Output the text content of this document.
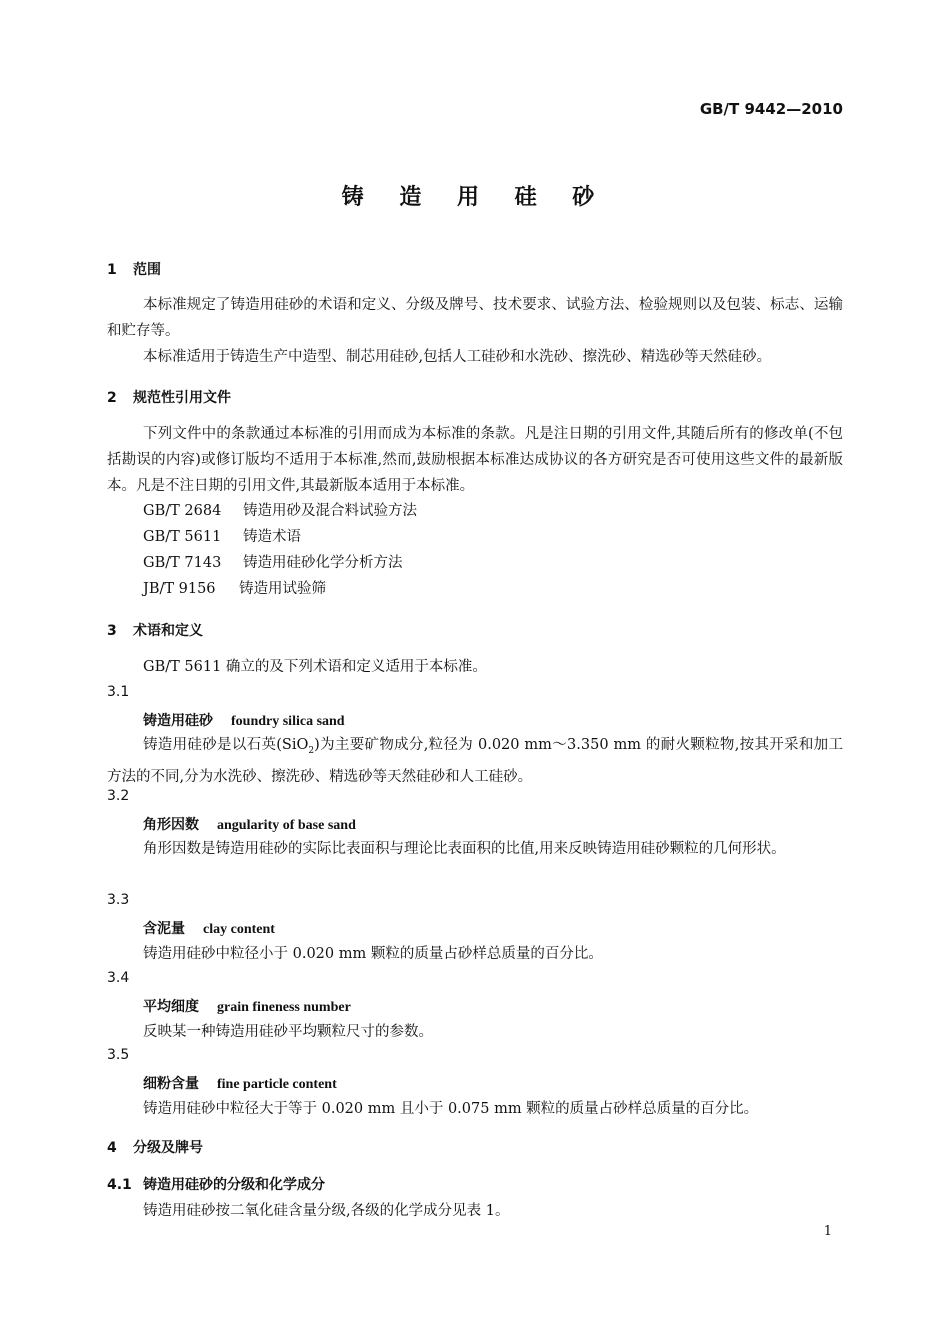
GB/T 9442—2010
铸 造 用 硅 砂
1 范围
本标准规定了铸造用硅砂的术语和定义、分级及牌号、技术要求、试验方法、检验规则以及包装、标志、运输和贮存等。
本标准适用于铸造生产中造型、制芯用硅砂,包括人工硅砂和水洗砂、擦洗砂、精选砂等天然硅砂。
2 规范性引用文件
下列文件中的条款通过本标准的引用而成为本标准的条款。凡是注日期的引用文件,其随后所有的修改单(不包括勘误的内容)或修订版均不适用于本标准,然而,鼓励根据本标准达成协议的各方研究是否可使用这些文件的最新版本。凡是不注日期的引用文件,其最新版本适用于本标准。
GB/T 2684 铸造用砂及混合料试验方法
GB/T 5611 铸造术语
GB/T 7143 铸造用硅砂化学分析方法
JB/T 9156 铸造用试验筛
3 术语和定义
GB/T 5611 确立的及下列术语和定义适用于本标准。
3.1
铸造用硅砂 foundry silica sand
铸造用硅砂是以石英(SiO$_2$)为主要矿物成分,粒径为 0.020 mm～3.350 mm 的耐火颗粒物,按其开采和加工方法的不同,分为水洗砂、擦洗砂、精选砂等天然硅砂和人工硅砂。
3.2
角形因数 angularity of base sand
角形因数是铸造用硅砂的实际比表面积与理论比表面积的比值,用来反映铸造用硅砂颗粒的几何形状。
3.3
含泥量 clay content
铸造用硅砂中粒径小于 0.020 mm 颗粒的质量占砂样总质量的百分比。
3.4
平均细度 grain fineness number
反映某一种铸造用硅砂平均颗粒尺寸的参数。
3.5
细粉含量 fine particle content
铸造用硅砂中粒径大于等于 0.020 mm 且小于 0.075 mm 颗粒的质量占砂样总质量的百分比。
4 分级及牌号
4.1 铸造用硅砂的分级和化学成分
铸造用硅砂按二氧化硅含量分级,各级的化学成分见表 1。
1
